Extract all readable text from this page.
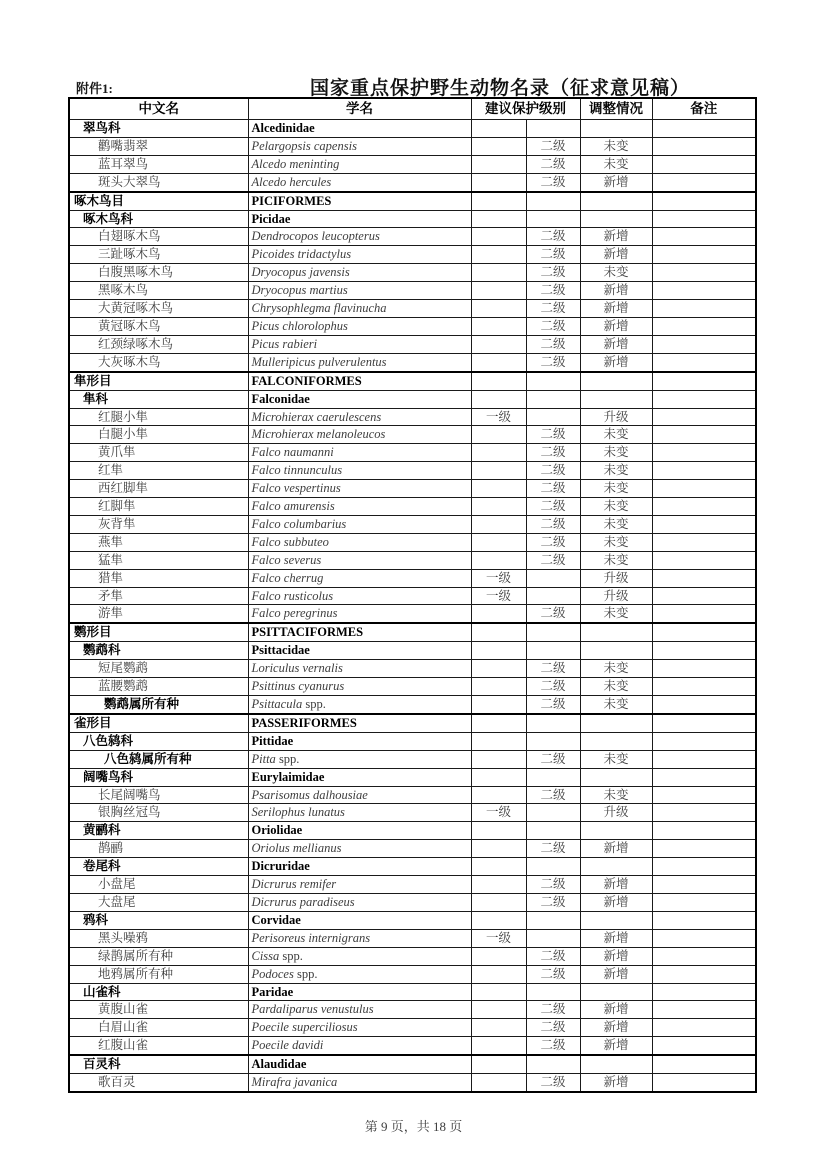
附件1:	国家重点保护野生动物名录（征求意见稿）
中文名	学名	建议保护级别		调整情况	备注
翠鸟科	Alcedinidae				
鹳嘴翡翠	Pelargopsis capensis		二级	未变	
蓝耳翠鸟	Alcedo meninting		二级	未变	
斑头大翠鸟	Alcedo hercules		二级	新增	
啄木鸟目	PICIFORMES				
啄木鸟科	Picidae				
白翅啄木鸟	Dendrocopos leucopterus		二级	新增	
三趾啄木鸟	Picoides tridactylus		二级	新增	
白腹黑啄木鸟	Dryocopus javensis		二级	未变	
黑啄木鸟	Dryocopus martius		二级	新增	
大黄冠啄木鸟	Chrysophlegma flavinucha		二级	新增	
黄冠啄木鸟	Picus chlorolophus		二级	新增	
红颈绿啄木鸟	Picus rabieri		二级	新增	
大灰啄木鸟	Mulleripicus pulverulentus		二级	新增	
隼形目	FALCONIFORMES				
隼科	Falconidae				
红腿小隼	Microhierax caerulescens	一级		升级	
白腿小隼	Microhierax melanoleucos		二级	未变	
黄爪隼	Falco naumanni		二级	未变	
红隼	Falco tinnunculus		二级	未变	
西红脚隼	Falco vespertinus		二级	未变	
红脚隼	Falco amurensis		二级	未变	
灰背隼	Falco columbarius		二级	未变	
燕隼	Falco subbuteo		二级	未变	
猛隼	Falco severus		二级	未变	
猎隼	Falco cherrug	一级		升级	
矛隼	Falco rusticolus	一级		升级	
游隼	Falco peregrinus		二级	未变	
鹦形目	PSITTACIFORMES				
鹦鹉科	Psittacidae				
短尾鹦鹉	Loriculus vernalis		二级	未变	
蓝腰鹦鹉	Psittinus cyanurus		二级	未变	
鹦鹉属所有种	Psittacula spp.		二级	未变	
雀形目	PASSERIFORMES				
八色鸫科	Pittidae				
八色鸫属所有种	Pitta spp.		二级	未变	
阔嘴鸟科	Eurylaimidae				
长尾阔嘴鸟	Psarisomus dalhousiae		二级	未变	
银胸丝冠鸟	Serilophus lunatus	一级		升级	
黄鹂科	Oriolidae				
鹊鹂	Oriolus mellianus		二级	新增	
卷尾科	Dicruridae				
小盘尾	Dicrurus remifer		二级	新增	
大盘尾	Dicrurus paradiseus		二级	新增	
鸦科	Corvidae				
黑头噪鸦	Perisoreus internigrans	一级		新增	
绿鹊属所有种	Cissa spp.		二级	新增	
地鸦属所有种	Podoces spp.		二级	新增	
山雀科	Paridae				
黄腹山雀	Pardaliparus venustulus		二级	新增	
白眉山雀	Poecile superciliosus		二级	新增	
红腹山雀	Poecile davidi		二级	新增	
百灵科	Alaudidae				
歌百灵	Mirafra javanica		二级	新增	
第 9 页，共 18 页
